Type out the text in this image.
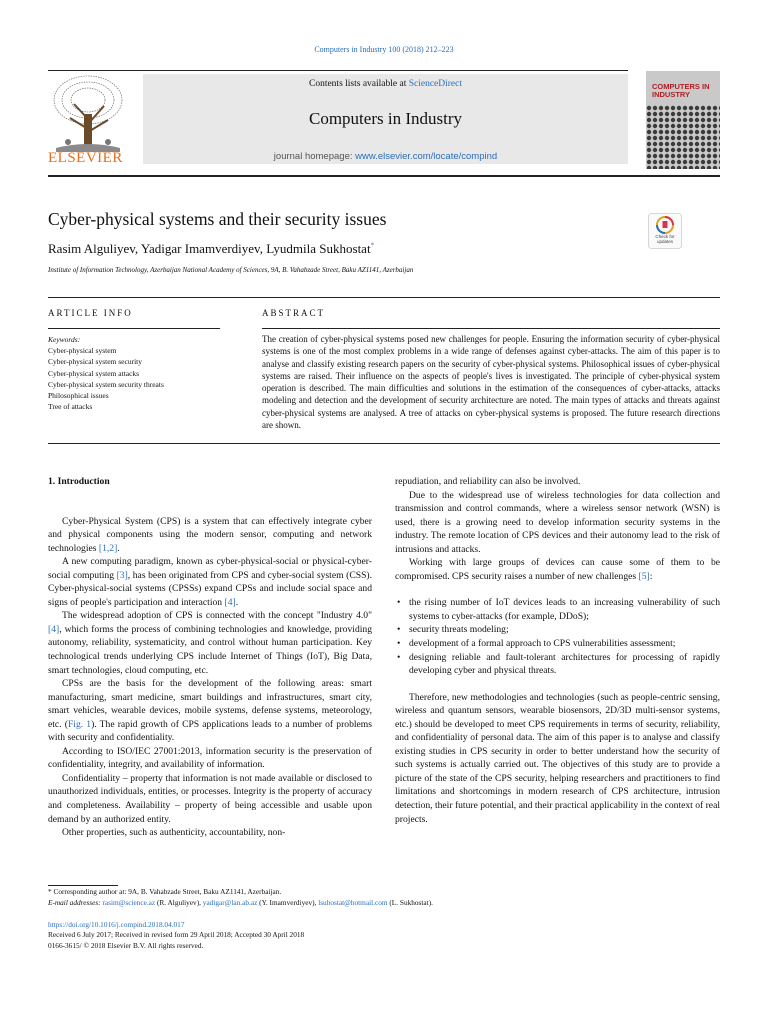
Computers in Industry 100 (2018) 212–223
ELSEVIER
Contents lists available at ScienceDirect
Computers in Industry
journal homepage: www.elsevier.com/locate/compind
COMPUTERS IN
INDUSTRY
Cyber-physical systems and their security issues
Rasim Alguliyev, Yadigar Imamverdiyev, Lyudmila Sukhostat*
Institute of Information Technology, Azerbaijan National Academy of Sciences, 9A, B. Vahabzade Street, Baku AZ1141, Azerbaijan
Check for
updates
ARTICLE INFO	ABSTRACT
Keywords:
Cyber-physical system
Cyber-physical system security
Cyber-physical system attacks
Cyber-physical system security threats
Philosophical issues
Tree of attacks
The creation of cyber-physical systems posed new challenges for people. Ensuring the information security of cyber-physical systems is one of the most complex problems in a wide range of defenses against cyber-attacks. The aim of this paper is to analyse and classify existing research papers on the security of cyber-physical systems. Philosophical issues of cyber-physical systems are raised. Their influence on the aspects of people's lives is investigated. The principle of cyber-physical system operation is described. The main difficulties and solutions in the estimation of the consequences of cyber-attacks, attacks modeling and detection and the development of security architecture are noted. The main types of attacks and threats against cyber-physical systems are analysed. A tree of attacks on cyber-physical systems is proposed. The future research directions are shown.
1. Introduction

Cyber-Physical System (CPS) is a system that can effectively integrate cyber and physical components using the modern sensor, computing and network technologies [1,2].

A new computing paradigm, known as cyber-physical-social or physical-cyber-social computing [3], has been originated from CPS and cyber-social system (CSS). Cyber-physical-social systems (CPSSs) expand CPSs and include social space and signs of people's participation and interaction [4].

The widespread adoption of CPS is connected with the concept "Industry 4.0" [4], which forms the process of combining technologies and knowledge, providing autonomy, reliability, systematicity, and control without human participation. Key technological trends underlying CPS include Internet of Things (IoT), Big Data, smart technologies, cloud computing, etc.

CPSs are the basis for the development of the following areas: smart manufacturing, smart medicine, smart buildings and infrastructures, smart city, smart vehicles, wearable devices, mobile systems, defense systems, meteorology, etc. (Fig. 1). The rapid growth of CPS applications leads to a number of problems with security and confidentiality.

According to ISO/IEC 27001:2013, information security is the preservation of confidentiality, integrity, and availability of information.

Confidentiality – property that information is not made available or disclosed to unauthorized individuals, entities, or processes. Integrity is the property of accuracy and completeness. Availability – property of being accessible and usable upon demand by an authorized entity.

Other properties, such as authenticity, accountability, non-

repudiation, and reliability can also be involved.

Due to the widespread use of wireless technologies for data collection and transmission and control commands, where a wireless sensor network (WSN) is used, there is a growing need to develop information security systems in the industry. The remote location of CPS devices and their autonomy lead to the risk of intrusions and attacks.

Working with large groups of devices can cause some of them to be compromised. CPS security raises a number of new challenges [5]:

• the rising number of IoT devices leads to an increasing vulnerability of such systems to cyber-attacks (for example, DDoS);
• security threats modeling;
• development of a formal approach to CPS vulnerabilities assessment;
• designing reliable and fault-tolerant architectures for processing of rapidly developing cyber and physical threats.

Therefore, new methodologies and technologies (such as people-centric sensing, wireless and quantum sensors, wearable biosensors, 2D/3D multi-sensor systems, etc.) should be developed to meet CPS requirements in terms of security, reliability, and confidentiality of personal data. The aim of this paper is to analyse and classify existing studies in CPS security in order to better understand how the security of such systems is actually carried out. The objectives of this study are to provide a picture of the state of the CPS security, helping researchers and practitioners to find limitations and shortcomings in modern research of CPS architecture, intrusion detection, their future potential, and their practical applicability in the context of real projects.

* Corresponding author at: 9A, B. Vahabzade Street, Baku AZ1141, Azerbaijan.
E-mail addresses: rasim@science.az (R. Alguliyev), yadigar@lan.ab.az (Y. Imamverdiyev), lsuhostat@hotmail.com (L. Sukhostat).
https://doi.org/10.1016/j.compind.2018.04.017
Received 6 July 2017; Received in revised form 29 April 2018; Accepted 30 April 2018
0166-3615/ © 2018 Elsevier B.V. All rights reserved.
